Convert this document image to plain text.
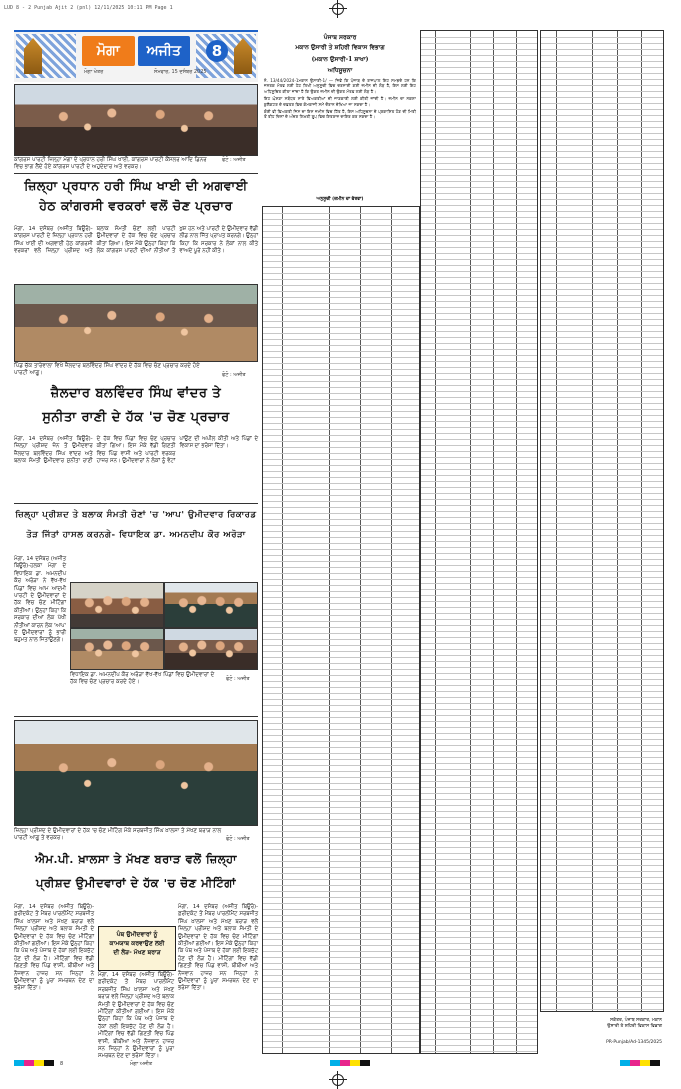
LUD 8 - 2 Punjab Ajit 2 (pnl) 12/11/2025 10:11 PM Page 1
ਮੋਗਾ	ਅਜੀਤ	8
ਮੋਗਾ ਖੇਤਰ	ਸੋਮਵਾਰ, 15 ਦਸੰਬਰ 2025
ਕਾਂਗਰਸ ਪਾਰਟੀ ਜ਼ਿਲ੍ਹਾ ਮੋਗਾ ਦੇ ਪ੍ਰਧਾਨ ਹਰੀ ਸਿੰਘ ਖਾਈ, ਕਾਂਗਰਸ ਪਾਰਟੀ ਕੌਂਸਲਰ ਆਦਿ ਡਿਨਰ ਵਿਚ ਭਾਗ ਲੈਂਦੇ ਹੋਏ ਕਾਂਗਰਸ ਪਾਰਟੀ ਦੇ ਅਹੁਦੇਦਾਰ ਅਤੇ ਵਰਕਰ।
ਫੋਟੋ : ਅਜੀਤ
ਜ਼ਿਲ੍ਹਾ ਪ੍ਰਧਾਨ ਹਰੀ ਸਿੰਘ ਖਾਈ ਦੀ ਅਗਵਾਈ
ਹੇਠ ਕਾਂਗਰਸੀ ਵਰਕਰਾਂ ਵਲੋਂ ਚੋਣ ਪ੍ਰਚਾਰ
ਮੋਗਾ, 14 ਦਸੰਬਰ (ਅਜੀਤ ਬਿਊਰੋ)-ਕਾਂਗਰਸ ਪਾਰਟੀ ਦੇ ਜ਼ਿਲ੍ਹਾ ਪ੍ਰਧਾਨ ਹਰੀ ਸਿੰਘ ਖਾਈ ਦੀ ਅਗਵਾਈ ਹੇਠ ਕਾਂਗਰਸੀ ਵਰਕਰਾਂ ਵਲੋਂ ਜ਼ਿਲ੍ਹਾ ਪ੍ਰੀਸ਼ਦ ਅਤੇ ਬਲਾਕ ਸੰਮਤੀ ਚੋਣਾਂ ਲਈ ਪਾਰਟੀ ਉਮੀਦਵਾਰਾਂ ਦੇ ਹੱਕ ਵਿਚ ਚੋਣ ਪ੍ਰਚਾਰ ਕੀਤਾ ਗਿਆ। ਇਸ ਮੌਕੇ ਉਨ੍ਹਾਂ ਕਿਹਾ ਕਿ ਲੋਕ ਕਾਂਗਰਸ ਪਾਰਟੀ ਦੀਆਂ ਨੀਤੀਆਂ ਤੋਂ ਖੁਸ਼ ਹਨ ਅਤੇ ਪਾਰਟੀ ਦੇ ਉਮੀਦਵਾਰ ਵੱਡੀ ਲੀਡ ਨਾਲ ਜਿੱਤ ਪ੍ਰਾਪਤ ਕਰਨਗੇ। ਉਨ੍ਹਾਂ ਕਿਹਾ ਕਿ ਸਰਕਾਰ ਨੇ ਲੋਕਾਂ ਨਾਲ ਕੀਤੇ ਵਾਅਦੇ ਪੂਰੇ ਨਹੀਂ ਕੀਤੇ।
ਪਿੰਡ ਚੱਕ ਤਾਰੇਵਾਲਾ ਵਿਖੇ ਜ਼ੈਲਦਾਰ ਬਲਵਿੰਦਰ ਸਿੰਘ ਵਾਂਦਰ ਦੇ ਹੱਕ ਵਿਚ ਚੋਣ ਪ੍ਰਚਾਰ ਕਰਦੇ ਹੋਏ ਪਾਰਟੀ ਆਗੂ।	ਫੋਟੋ : ਅਜੀਤ
ਜ਼ੈਲਦਾਰ ਬਲਵਿੰਦਰ ਸਿੰਘ ਵਾਂਦਰ ਤੇ
ਸੁਨੀਤਾ ਰਾਣੀ ਦੇ ਹੱਕ 'ਚ ਚੋਣ ਪ੍ਰਚਾਰ
ਮੋਗਾ, 14 ਦਸੰਬਰ (ਅਜੀਤ ਬਿਊਰੋ)-ਜ਼ਿਲ੍ਹਾ ਪ੍ਰੀਸ਼ਦ ਜ਼ੋਨ ਤੋਂ ਉਮੀਦਵਾਰ ਜ਼ੈਲਦਾਰ ਬਲਵਿੰਦਰ ਸਿੰਘ ਵਾਂਦਰ ਅਤੇ ਬਲਾਕ ਸੰਮਤੀ ਉਮੀਦਵਾਰ ਸੁਨੀਤਾ ਰਾਣੀ ਦੇ ਹੱਕ ਵਿਚ ਪਿੰਡਾਂ ਵਿਚ ਚੋਣ ਪ੍ਰਚਾਰ ਕੀਤਾ ਗਿਆ। ਇਸ ਮੌਕੇ ਵੱਡੀ ਗਿਣਤੀ ਵਿਚ ਪਿੰਡ ਵਾਸੀ ਅਤੇ ਪਾਰਟੀ ਵਰਕਰ ਹਾਜ਼ਰ ਸਨ। ਉਮੀਦਵਾਰਾਂ ਨੇ ਲੋਕਾਂ ਨੂੰ ਵੋਟਾਂ ਪਾਉਣ ਦੀ ਅਪੀਲ ਕੀਤੀ ਅਤੇ ਪਿੰਡਾਂ ਦੇ ਵਿਕਾਸ ਦਾ ਭਰੋਸਾ ਦਿੱਤਾ।
ਜ਼ਿਲ੍ਹਾ ਪ੍ਰੀਸ਼ਦ ਤੇ ਬਲਾਕ ਸੰਮਤੀ ਚੋਣਾਂ 'ਚ 'ਆਪ' ਉਮੀਦਵਾਰ ਰਿਕਾਰਡ
ਤੋੜ ਜਿੱਤਾਂ ਹਾਸਲ ਕਰਨਗੇ- ਵਿਧਾਇਕ ਡਾ. ਅਮਨਦੀਪ ਕੌਰ ਅਰੋੜਾ
ਮੋਗਾ, 14 ਦਸੰਬਰ (ਅਜੀਤ ਬਿਊਰੋ)-ਹਲਕਾ ਮੋਗਾ ਦੇ ਵਿਧਾਇਕ ਡਾ. ਅਮਨਦੀਪ ਕੌਰ ਅਰੋੜਾ ਨੇ ਵੱਖ-ਵੱਖ ਪਿੰਡਾਂ ਵਿਚ ਆਮ ਆਦਮੀ ਪਾਰਟੀ ਦੇ ਉਮੀਦਵਾਰਾਂ ਦੇ ਹੱਕ ਵਿਚ ਚੋਣ ਮੀਟਿੰਗਾਂ ਕੀਤੀਆਂ। ਉਨ੍ਹਾਂ ਕਿਹਾ ਕਿ ਸਰਕਾਰ ਦੀਆਂ ਲੋਕ ਪੱਖੀ ਨੀਤੀਆਂ ਕਾਰਨ ਲੋਕ 'ਆਪ' ਦੇ ਉਮੀਦਵਾਰਾਂ ਨੂੰ ਭਾਰੀ ਬਹੁਮਤ ਨਾਲ ਜਿਤਾਉਣਗੇ।
ਵਿਧਾਇਕ ਡਾ. ਅਮਨਦੀਪ ਕੌਰ ਅਰੋੜਾ ਵੱਖ-ਵੱਖ ਪਿੰਡਾਂ ਵਿਚ ਉਮੀਦਵਾਰਾਂ ਦੇ ਹੱਕ ਵਿਚ ਚੋਣ ਪ੍ਰਚਾਰ ਕਰਦੇ ਹੋਏ।	ਫੋਟੋ : ਅਜੀਤ
ਜ਼ਿਲ੍ਹਾ ਪ੍ਰੀਸ਼ਦ ਦੇ ਉਮੀਦਵਾਰਾਂ ਦੇ ਹੱਕ 'ਚ ਚੋਣ ਮੀਟਿੰਗ ਮੌਕੇ ਸਰਬਜੀਤ ਸਿੰਘ ਖ਼ਾਲਸਾ ਤੇ ਮੱਖਣ ਬਰਾੜ ਨਾਲ ਪਾਰਟੀ ਆਗੂ ਤੇ ਵਰਕਰ।	ਫੋਟੋ : ਅਜੀਤ
ਐਮ.ਪੀ. ਖ਼ਾਲਸਾ ਤੇ ਮੱਖਣ ਬਰਾੜ ਵਲੋਂ ਜ਼ਿਲ੍ਹਾ
ਪ੍ਰੀਸ਼ਦ ਉਮੀਦਵਾਰਾਂ ਦੇ ਹੱਕ 'ਚ ਚੋਣ ਮੀਟਿੰਗਾਂ
ਮੋਗਾ, 14 ਦਸੰਬਰ (ਅਜੀਤ ਬਿਊਰੋ)-ਫ਼ਰੀਦਕੋਟ ਤੋਂ ਮੈਂਬਰ ਪਾਰਲੀਮੈਂਟ ਸਰਬਜੀਤ ਸਿੰਘ ਖ਼ਾਲਸਾ ਅਤੇ ਮੱਖਣ ਬਰਾੜ ਵਲੋਂ ਜ਼ਿਲ੍ਹਾ ਪ੍ਰੀਸ਼ਦ ਅਤੇ ਬਲਾਕ ਸੰਮਤੀ ਦੇ ਉਮੀਦਵਾਰਾਂ ਦੇ ਹੱਕ ਵਿਚ ਚੋਣ ਮੀਟਿੰਗਾਂ ਕੀਤੀਆਂ ਗਈਆਂ। ਇਸ ਮੌਕੇ ਉਨ੍ਹਾਂ ਕਿਹਾ ਕਿ ਪੰਥ ਅਤੇ ਪੰਜਾਬ ਦੇ ਹੱਕਾਂ ਲਈ ਇਕਜੁੱਟ ਹੋਣ ਦੀ ਲੋੜ ਹੈ। ਮੀਟਿੰਗਾਂ ਵਿਚ ਵੱਡੀ ਗਿਣਤੀ ਵਿਚ ਪਿੰਡ ਵਾਸੀ, ਬੀਬੀਆਂ ਅਤੇ ਨੌਜਵਾਨ ਹਾਜ਼ਰ ਸਨ ਜਿਨ੍ਹਾਂ ਨੇ ਉਮੀਦਵਾਰਾਂ ਨੂੰ ਪੂਰਾ ਸਮਰਥਨ ਦੇਣ ਦਾ ਭਰੋਸਾ ਦਿੱਤਾ।
ਪੰਥ ਉਮੀਦਵਾਰਾਂ ਨੂੰ
ਕਾਮਯਾਬ ਕਰਵਾਉਣ ਲਈ
ਦੀ ਲੋੜ- ਮੱਖਣ ਬਰਾੜ
ਮੋਗਾ, 14 ਦਸੰਬਰ (ਅਜੀਤ ਬਿਊਰੋ)-ਫ਼ਰੀਦਕੋਟ ਤੋਂ ਮੈਂਬਰ ਪਾਰਲੀਮੈਂਟ ਸਰਬਜੀਤ ਸਿੰਘ ਖ਼ਾਲਸਾ ਅਤੇ ਮੱਖਣ ਬਰਾੜ ਵਲੋਂ ਜ਼ਿਲ੍ਹਾ ਪ੍ਰੀਸ਼ਦ ਅਤੇ ਬਲਾਕ ਸੰਮਤੀ ਦੇ ਉਮੀਦਵਾਰਾਂ ਦੇ ਹੱਕ ਵਿਚ ਚੋਣ ਮੀਟਿੰਗਾਂ ਕੀਤੀਆਂ ਗਈਆਂ। ਇਸ ਮੌਕੇ ਉਨ੍ਹਾਂ ਕਿਹਾ ਕਿ ਪੰਥ ਅਤੇ ਪੰਜਾਬ ਦੇ ਹੱਕਾਂ ਲਈ ਇਕਜੁੱਟ ਹੋਣ ਦੀ ਲੋੜ ਹੈ। ਮੀਟਿੰਗਾਂ ਵਿਚ ਵੱਡੀ ਗਿਣਤੀ ਵਿਚ ਪਿੰਡ ਵਾਸੀ, ਬੀਬੀਆਂ ਅਤੇ ਨੌਜਵਾਨ ਹਾਜ਼ਰ ਸਨ ਜਿਨ੍ਹਾਂ ਨੇ ਉਮੀਦਵਾਰਾਂ ਨੂੰ ਪੂਰਾ ਸਮਰਥਨ ਦੇਣ ਦਾ ਭਰੋਸਾ ਦਿੱਤਾ।
ਮੋਗਾ, 14 ਦਸੰਬਰ (ਅਜੀਤ ਬਿਊਰੋ)-ਫ਼ਰੀਦਕੋਟ ਤੋਂ ਮੈਂਬਰ ਪਾਰਲੀਮੈਂਟ ਸਰਬਜੀਤ ਸਿੰਘ ਖ਼ਾਲਸਾ ਅਤੇ ਮੱਖਣ ਬਰਾੜ ਵਲੋਂ ਜ਼ਿਲ੍ਹਾ ਪ੍ਰੀਸ਼ਦ ਅਤੇ ਬਲਾਕ ਸੰਮਤੀ ਦੇ ਉਮੀਦਵਾਰਾਂ ਦੇ ਹੱਕ ਵਿਚ ਚੋਣ ਮੀਟਿੰਗਾਂ ਕੀਤੀਆਂ ਗਈਆਂ। ਇਸ ਮੌਕੇ ਉਨ੍ਹਾਂ ਕਿਹਾ ਕਿ ਪੰਥ ਅਤੇ ਪੰਜਾਬ ਦੇ ਹੱਕਾਂ ਲਈ ਇਕਜੁੱਟ ਹੋਣ ਦੀ ਲੋੜ ਹੈ। ਮੀਟਿੰਗਾਂ ਵਿਚ ਵੱਡੀ ਗਿਣਤੀ ਵਿਚ ਪਿੰਡ ਵਾਸੀ, ਬੀਬੀਆਂ ਅਤੇ ਨੌਜਵਾਨ ਹਾਜ਼ਰ ਸਨ ਜਿਨ੍ਹਾਂ ਨੇ ਉਮੀਦਵਾਰਾਂ ਨੂੰ ਪੂਰਾ ਸਮਰਥਨ ਦੇਣ ਦਾ ਭਰੋਸਾ ਦਿੱਤਾ।
ਪੰਜਾਬ ਸਰਕਾਰ
ਮਕਾਨ ਉਸਾਰੀ ਤੇ ਸ਼ਹਿਰੀ ਵਿਕਾਸ ਵਿਭਾਗ
(ਮਕਾਨ ਉਸਾਰੀ-1 ਸ਼ਾਖਾ)
ਅਧਿਸੂਚਨਾ

ਨੰ. 13/44/2024-1ਮਕਾਨ ਉਸਾਰੀ-1/ — ਜਿਵੇਂ ਕਿ ਪੰਜਾਬ ਦੇ ਰਾਜਪਾਲ ਇਹ ਸਮਝਦੇ ਹਨ ਕਿ ਜਨਤਕ ਮੰਤਵ ਲਈ ਹੇਠ ਲਿਖੀ ਅਨੁਸੂਚੀ ਵਿਚ ਦਰਸਾਈ ਗਈ ਜ਼ਮੀਨ ਦੀ ਲੋੜ ਹੈ, ਇਸ ਲਈ ਇਹ ਅਧਿਸੂਚਿਤ ਕੀਤਾ ਜਾਂਦਾ ਹੈ ਕਿ ਉਕਤ ਜ਼ਮੀਨ ਦੀ ਉਕਤ ਮੰਤਵ ਲਈ ਲੋੜ ਹੈ।

ਇਹ ਘੋਸ਼ਣਾ ਸਬੰਧਤ ਸਾਰੇ ਵਿਅਕਤੀਆਂ ਦੀ ਜਾਣਕਾਰੀ ਲਈ ਕੀਤੀ ਜਾਂਦੀ ਹੈ। ਜ਼ਮੀਨ ਦਾ ਨਕਸ਼ਾ ਕੁਲੈਕਟਰ ਦੇ ਦਫ਼ਤਰ ਵਿਚ ਕੰਮਕਾਜੀ ਸਮੇਂ ਦੌਰਾਨ ਦੇਖਿਆ ਜਾ ਸਕਦਾ ਹੈ।

ਕੋਈ ਵੀ ਵਿਅਕਤੀ ਜਿਸ ਦਾ ਇਸ ਜ਼ਮੀਨ ਵਿਚ ਹਿੱਤ ਹੈ, ਇਸ ਅਧਿਸੂਚਨਾ ਦੇ ਪ੍ਰਕਾਸ਼ਿਤ ਹੋਣ ਦੀ ਮਿਤੀ ਤੋਂ ਤੀਹ ਦਿਨਾਂ ਦੇ ਅੰਦਰ ਲਿਖਤੀ ਰੂਪ ਵਿਚ ਇਤਰਾਜ਼ ਦਾਇਰ ਕਰ ਸਕਦਾ ਹੈ।

ਅਨੁਸੂਚੀ (ਜ਼ਮੀਨ ਦਾ ਵੇਰਵਾ)
ਸਕੱਤਰ, ਪੰਜਾਬ ਸਰਕਾਰ, ਮਕਾਨ ਉਸਾਰੀ ਤੇ ਸ਼ਹਿਰੀ ਵਿਕਾਸ ਵਿਭਾਗ
PR-Punjab/Ad-1345/2025
8	ਮੋਗਾ ਅਜੀਤ
